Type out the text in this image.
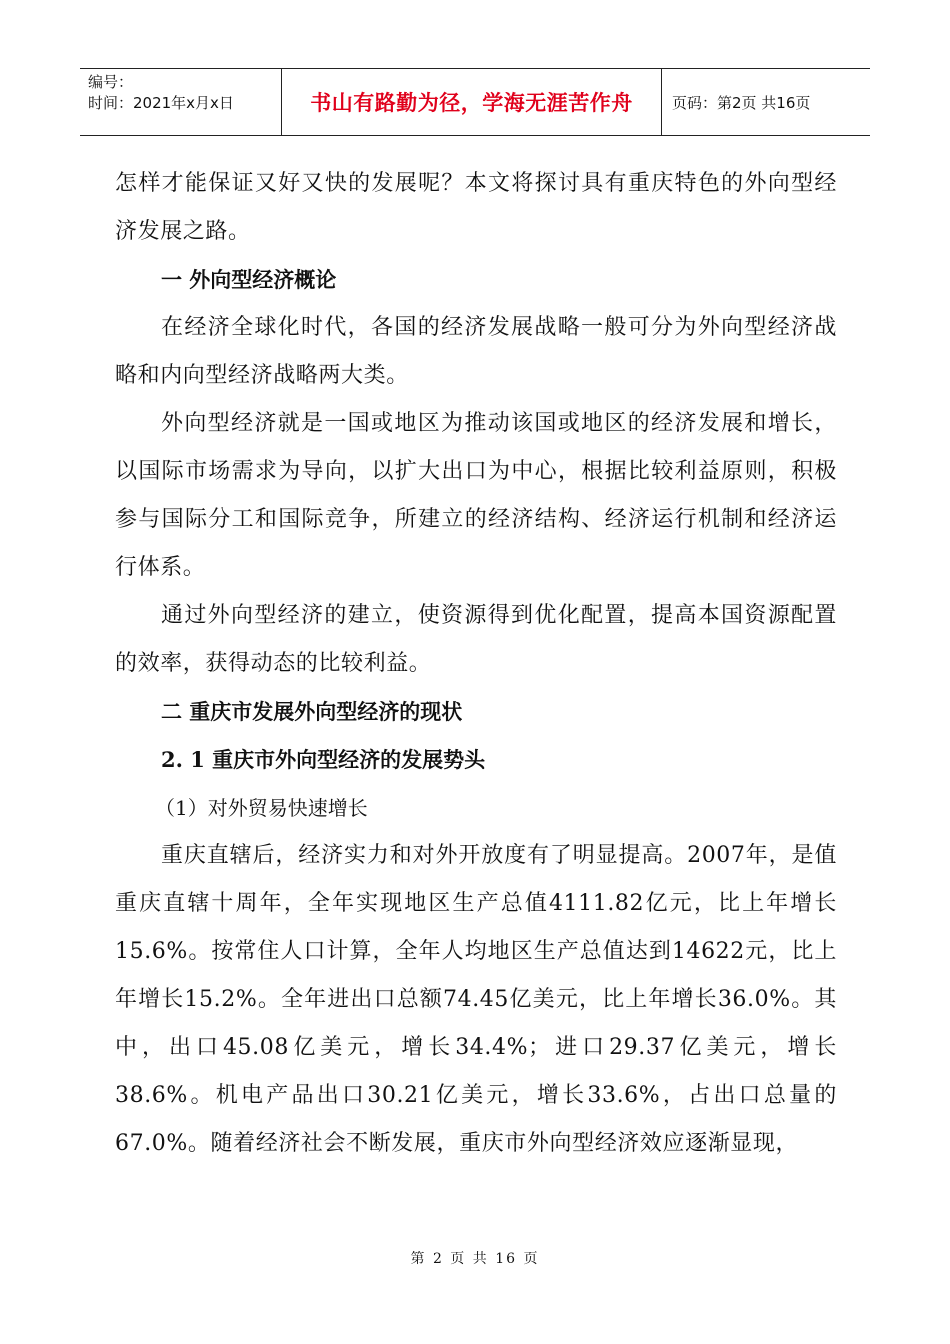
编号：
时间：2021年x月x日	书山有路勤为径，学海无涯苦作舟	页码：第2页 共16页

怎样才能保证又好又快的发展呢？本文将探讨具有重庆特色的外向型经济发展之路。

一 外向型经济概论

在经济全球化时代，各国的经济发展战略一般可分为外向型经济战略和内向型经济战略两大类。

外向型经济就是一国或地区为推动该国或地区的经济发展和增长，以国际市场需求为导向，以扩大出口为中心，根据比较利益原则，积极参与国际分工和国际竞争，所建立的经济结构、经济运行机制和经济运行体系。

通过外向型经济的建立，使资源得到优化配置，提高本国资源配置的效率，获得动态的比较利益。

二 重庆市发展外向型经济的现状

2. 1 重庆市外向型经济的发展势头

（1）对外贸易快速增长

重庆直辖后，经济实力和对外开放度有了明显提高。2007年，是值重庆直辖十周年，全年实现地区生产总值4111.82亿元，比上年增长15.6%。按常住人口计算，全年人均地区生产总值达到14622元，比上年增长15.2%。全年进出口总额74.45亿美元，比上年增长36.0%。其中，出口45.08亿美元，增长34.4%；进口29.37亿美元，增长38.6%。机电产品出口30.21亿美元，增长33.6%，占出口总量的67.0%。随着经济社会不断发展，重庆市外向型经济效应逐渐显现，

第 2 页 共 16 页
